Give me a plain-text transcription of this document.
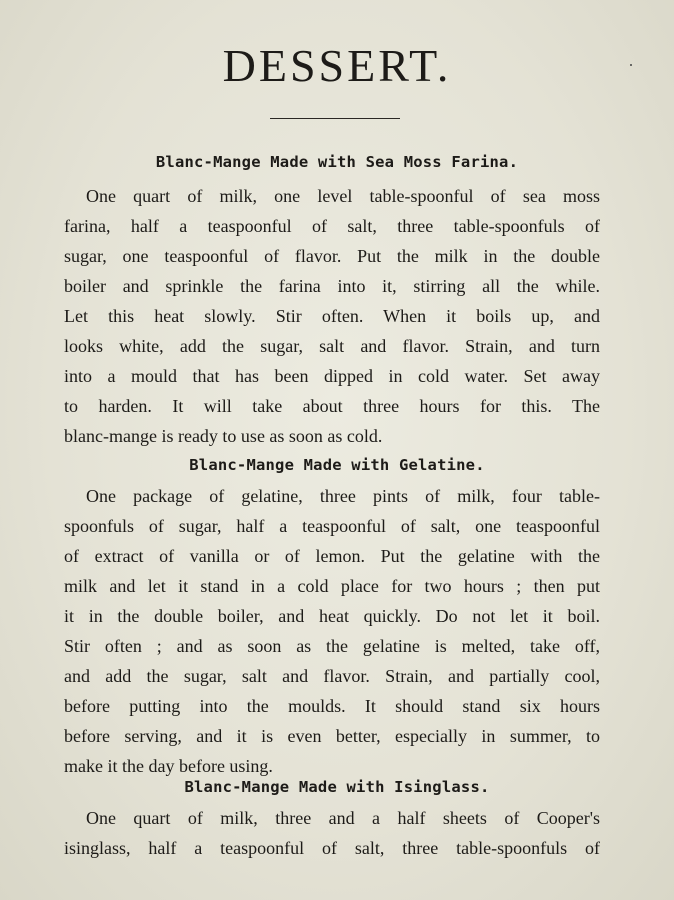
DESSERT.
Blanc-Mange Made with Sea Moss Farina.
One quart of milk, one level table-spoonful of sea moss
farina, half a teaspoonful of salt, three table-spoonfuls of
sugar, one teaspoonful of flavor. Put the milk in the double
boiler and sprinkle the farina into it, stirring all the while.
Let this heat slowly. Stir often. When it boils up, and
looks white, add the sugar, salt and flavor. Strain, and turn
into a mould that has been dipped in cold water. Set away
to harden. It will take about three hours for this. The
blanc-mange is ready to use as soon as cold.
Blanc-Mange Made with Gelatine.
One package of gelatine, three pints of milk, four table-
spoonfuls of sugar, half a teaspoonful of salt, one teaspoonful
of extract of vanilla or of lemon. Put the gelatine with the
milk and let it stand in a cold place for two hours ; then put
it in the double boiler, and heat quickly. Do not let it boil.
Stir often ; and as soon as the gelatine is melted, take off,
and add the sugar, salt and flavor. Strain, and partially cool,
before putting into the moulds. It should stand six hours
before serving, and it is even better, especially in summer, to
make it the day before using.
Blanc-Mange Made with Isinglass.
One quart of milk, three and a half sheets of Cooper's
isinglass, half a teaspoonful of salt, three table-spoonfuls of
